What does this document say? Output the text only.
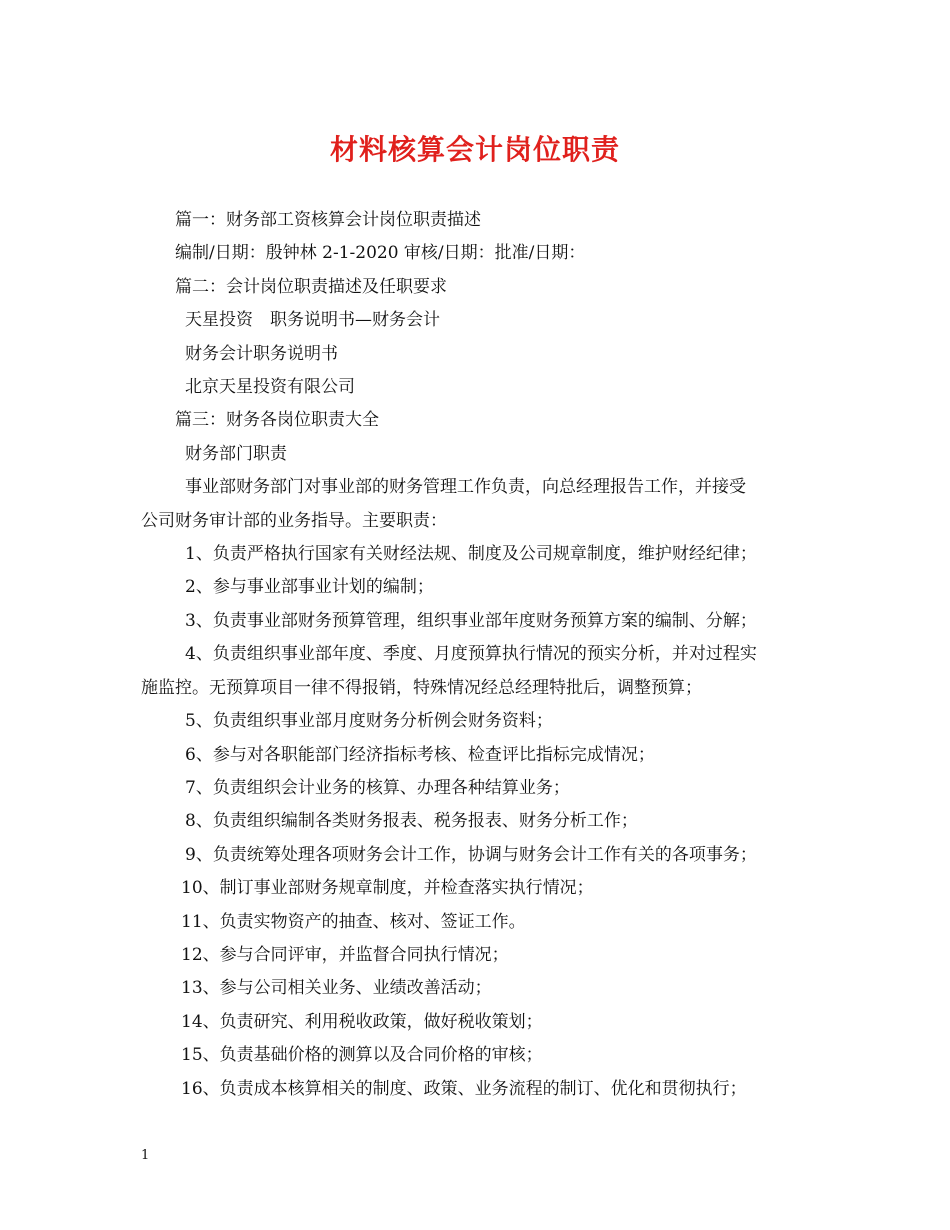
材料核算会计岗位职责

篇一：财务部工资核算会计岗位职责描述

编制/日期：殷钟林 2-1-2020 审核/日期：批准/日期：

篇二：会计岗位职责描述及任职要求

天星投资　职务说明书—财务会计

财务会计职务说明书

北京天星投资有限公司

篇三：财务各岗位职责大全

财务部门职责

事业部财务部门对事业部的财务管理工作负责，向总经理报告工作，并接受
公司财务审计部的业务指导。主要职责：

1、负责严格执行国家有关财经法规、制度及公司规章制度，维护财经纪律；

2、参与事业部事业计划的编制；

3、负责事业部财务预算管理，组织事业部年度财务预算方案的编制、分解；

4、负责组织事业部年度、季度、月度预算执行情况的预实分析，并对过程实
施监控。无预算项目一律不得报销，特殊情况经总经理特批后，调整预算；

5、负责组织事业部月度财务分析例会财务资料；

6、参与对各职能部门经济指标考核、检查评比指标完成情况；

7、负责组织会计业务的核算、办理各种结算业务；

8、负责组织编制各类财务报表、税务报表、财务分析工作；

9、负责统筹处理各项财务会计工作，协调与财务会计工作有关的各项事务；

10、制订事业部财务规章制度，并检查落实执行情况；

11、负责实物资产的抽查、核对、签证工作。

12、参与合同评审，并监督合同执行情况；

13、参与公司相关业务、业绩改善活动；

14、负责研究、利用税收政策，做好税收策划；

15、负责基础价格的测算以及合同价格的审核；

16、负责成本核算相关的制度、政策、业务流程的制订、优化和贯彻执行；

1
